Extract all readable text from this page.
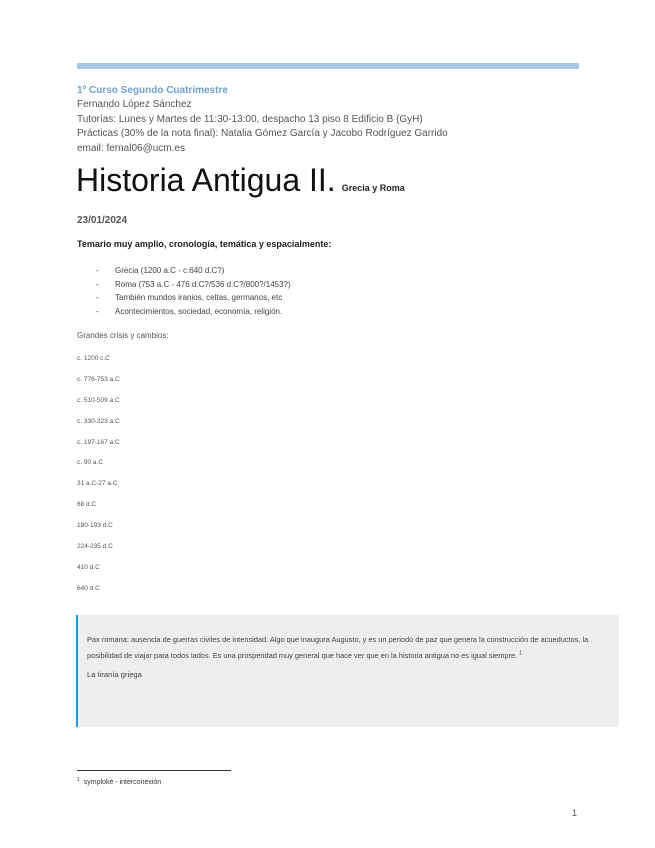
1º Curso Segundo Cuatrimestre

Fernando López Sánchez

Tutorías: Lunes y Martes de 11:30-13:00, despacho 13 piso 8 Edificio B (GyH)

Prácticas (30% de la nota final): Natalia Gómez García y Jacobo Rodríguez Garrido

email: fernal06@ucm.es

Historia Antigua II. Grecia y Roma

23/01/2024

Temario muy amplio, cronología, temática y espacialmente:

- Grecia (1200 a.C - c.640 d.C?)
- Roma (753 a.C - 476 d.C?/536 d.C?/800?/1453?)
- También mundos iranios, celtas, germanos, etc
- Acontecimientos, sociedad, economía, religión.

Grandes crisis y cambios:

c. 1200 c.C
c. 776-753 a.C
c. 510-509 a.C
c. 330-323 a.C
c. 197-167 a.C
c. 90 a.C
31 a.C-27 a.C
68 d.C
180-193 d.C
224-235 d.C
410 d.C
640 d.C

Pax romana: ausencia de guerras civiles de intensidad. Algo que inaugura Augusto, y es un periodo de paz que genera la construcción de acueductos, la posibilidad de viajar para todos lados. Es una prosperidad muy general que hace ver que en la historia antigua no es igual siempre. $^1$

La tiranía griega

$^1$ symploké - interconexión

1
